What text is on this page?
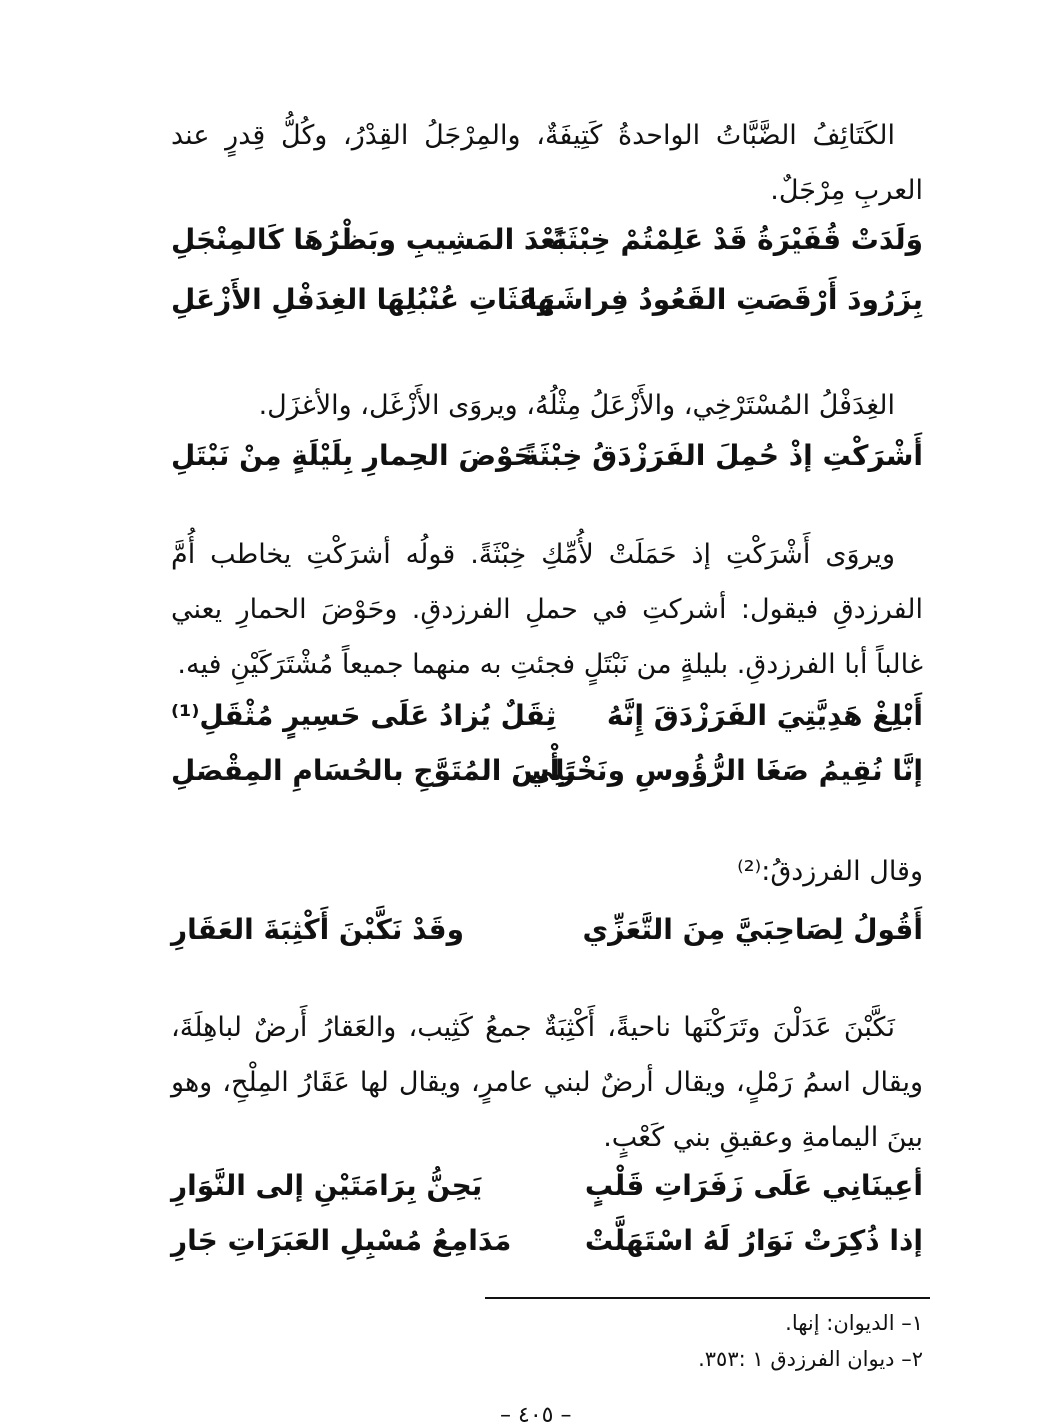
الكَتَائِفُ الضَّبَّاتُ الواحدةُ كَتِيفَةٌ، والمِرْجَلُ القِدْرُ، وكُلُّ قِدرٍ عند العربِ مِرْجَلٌ.

وَلَدَتْ قُفَيْرَةُ قَدْ عَلِمْتُمْ خِبْثَةً
بَعْدَ المَشِيبِ وبَظْرُهَا كَالمِنْجَلِ
بِزَرُودَ أَرْقَصَتِ القَعُودُ فِراشَها
رَعَثَاتِ عُنْبُلِهَا الغِدَفْلِ الأَزْعَلِ

الغِدَفْلُ المُسْتَرْخِي، والأَزْعَلُ مِثْلُهُ، ويروَى الأَزْغَل، والأغزَل.

أَشْرَكْتِ إذْ حُمِلَ الفَرَزْدَقُ خِبْثَةً
حَوْضَ الحِمارِ بِلَيْلَةٍ مِنْ نَبْتَلِ

ويروَى أَشْرَكْتِ إذ حَمَلَتْ لأُمِّكِ خِبْثَةً. قولُه أشرَكْتِ يخاطب أُمَّ الفرزدقِ فيقول: أشركتِ في حملِ الفرزدقِ. وحَوْضَ الحمارِ يعني غالباً أبا الفرزدقِ. بليلةٍ من نَبْتَلٍ فجئتِ به منهما جميعاً مُشْتَرَكَيْنِ فيه.

أَبْلِغْ هَدِيَّتِيَ الفَرَزْدَقَ إِنَّهُ
ثِقَلٌ يُزادُ عَلَى حَسِيرٍ مُثْقَلِ⁽¹⁾
إنَّا نُقِيمُ صَغَا الرُّؤُوسِ ونَخْتَلِي
رَأْسَ المُتَوَّجِ بالحُسَامِ المِقْصَلِ
وقال الفرزدقُ:⁽²⁾
أَقُولُ لِصَاحِبَيَّ مِنَ التَّعَزِّي
وقَدْ نَكَّبْنَ أَكْثِبَةَ العَقَارِ

نَكَّبْنَ عَدَلْنَ وتَرَكْنَها ناحيةً، أَكْثِبَةٌ جمعُ كَثِيب، والعَقارُ أَرضٌ لباهِلَةَ، ويقال اسمُ رَمْلٍ، ويقال أرضٌ لبني عامرٍ، ويقال لها عَقَارُ المِلْحِ، وهو بينَ اليمامةِ وعقيقِ بني كَعْبٍ.

أعِينَانِي عَلَى زَفَرَاتِ قَلْبٍ
يَحِنُّ بِرَامَتَيْنِ إلى النَّوَارِ
إذا ذُكِرَتْ نَوَارُ لَهُ اسْتَهَلَّتْ
مَدَامِعُ مُسْبِلِ العَبَرَاتِ جَارِ
١– الديوان: إنها.
٢– ديوان الفرزدق ١ :٣٥٣.
– ٤٠٥ –
